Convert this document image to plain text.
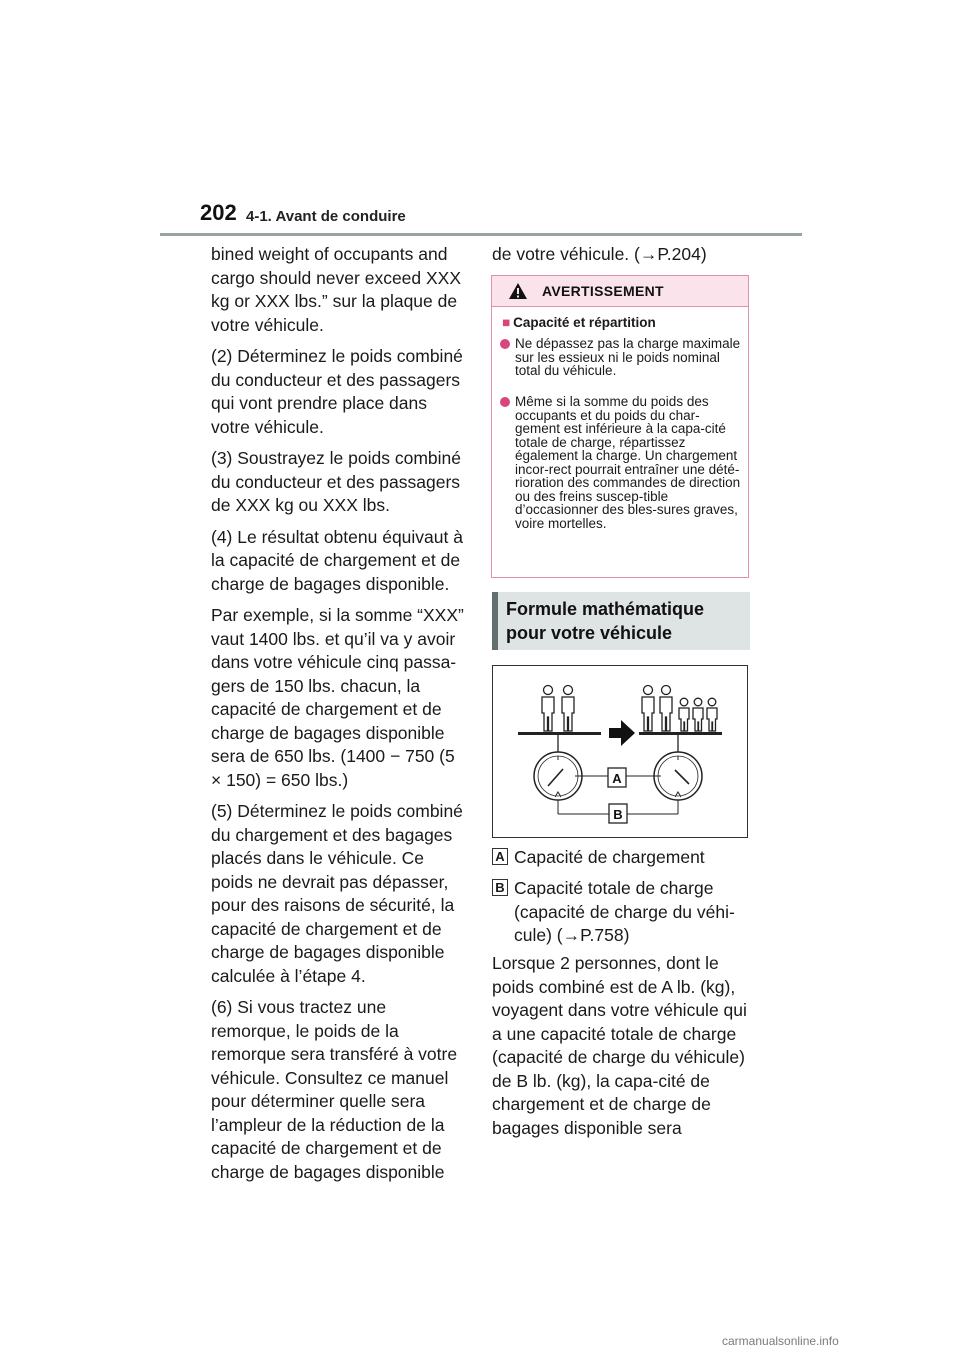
202 4-1. Avant de conduire

bined weight of occupants and cargo should never exceed XXX kg or XXX lbs.” sur la plaque de votre véhicule.

(2) Déterminez le poids combiné du conducteur et des passagers qui vont prendre place dans votre véhicule.

(3) Soustrayez le poids combiné du conducteur et des passagers de XXX kg ou XXX lbs.

(4) Le résultat obtenu équivaut à la capacité de chargement et de charge de bagages disponible.

Par exemple, si la somme “XXX” vaut 1400 lbs. et qu’il va y avoir dans votre véhicule cinq passa-gers de 150 lbs. chacun, la capacité de chargement et de charge de bagages disponible sera de 650 lbs. (1400 − 750 (5 × 150) = 650 lbs.)

(5) Déterminez le poids combiné du chargement et des bagages placés dans le véhicule. Ce poids ne devrait pas dépasser, pour des raisons de sécurité, la capacité de chargement et de charge de bagages disponible calculée à l’étape 4.

(6) Si vous tractez une remorque, le poids de la remorque sera transféré à votre véhicule. Consultez ce manuel pour déterminer quelle sera l’ampleur de la réduction de la capacité de chargement et de charge de bagages disponible

de votre véhicule. (→P.204)

AVERTISSEMENT
■ Capacité et répartition
Ne dépassez pas la charge maximale sur les essieux ni le poids nominal total du véhicule.
Même si la somme du poids des occupants et du poids du char-gement est inférieure à la capa-cité totale de charge, répartissez également la charge. Un chargement incor-rect pourrait entraîner une dété-rioration des commandes de direction ou des freins suscep-tible d’occasionner des bles-sures graves, voire mortelles.
Formule mathématique pour votre véhicule
A
B
A Capacité de chargement
B Capacité totale de charge (capacité de charge du véhi-cule) (→P.758)
Lorsque 2 personnes, dont le poids combiné est de A lb. (kg), voyagent dans votre véhicule qui a une capacité totale de charge (capacité de charge du véhicule) de B lb. (kg), la capa-cité de chargement et de charge de bagages disponible sera
carmanualsonline.info
